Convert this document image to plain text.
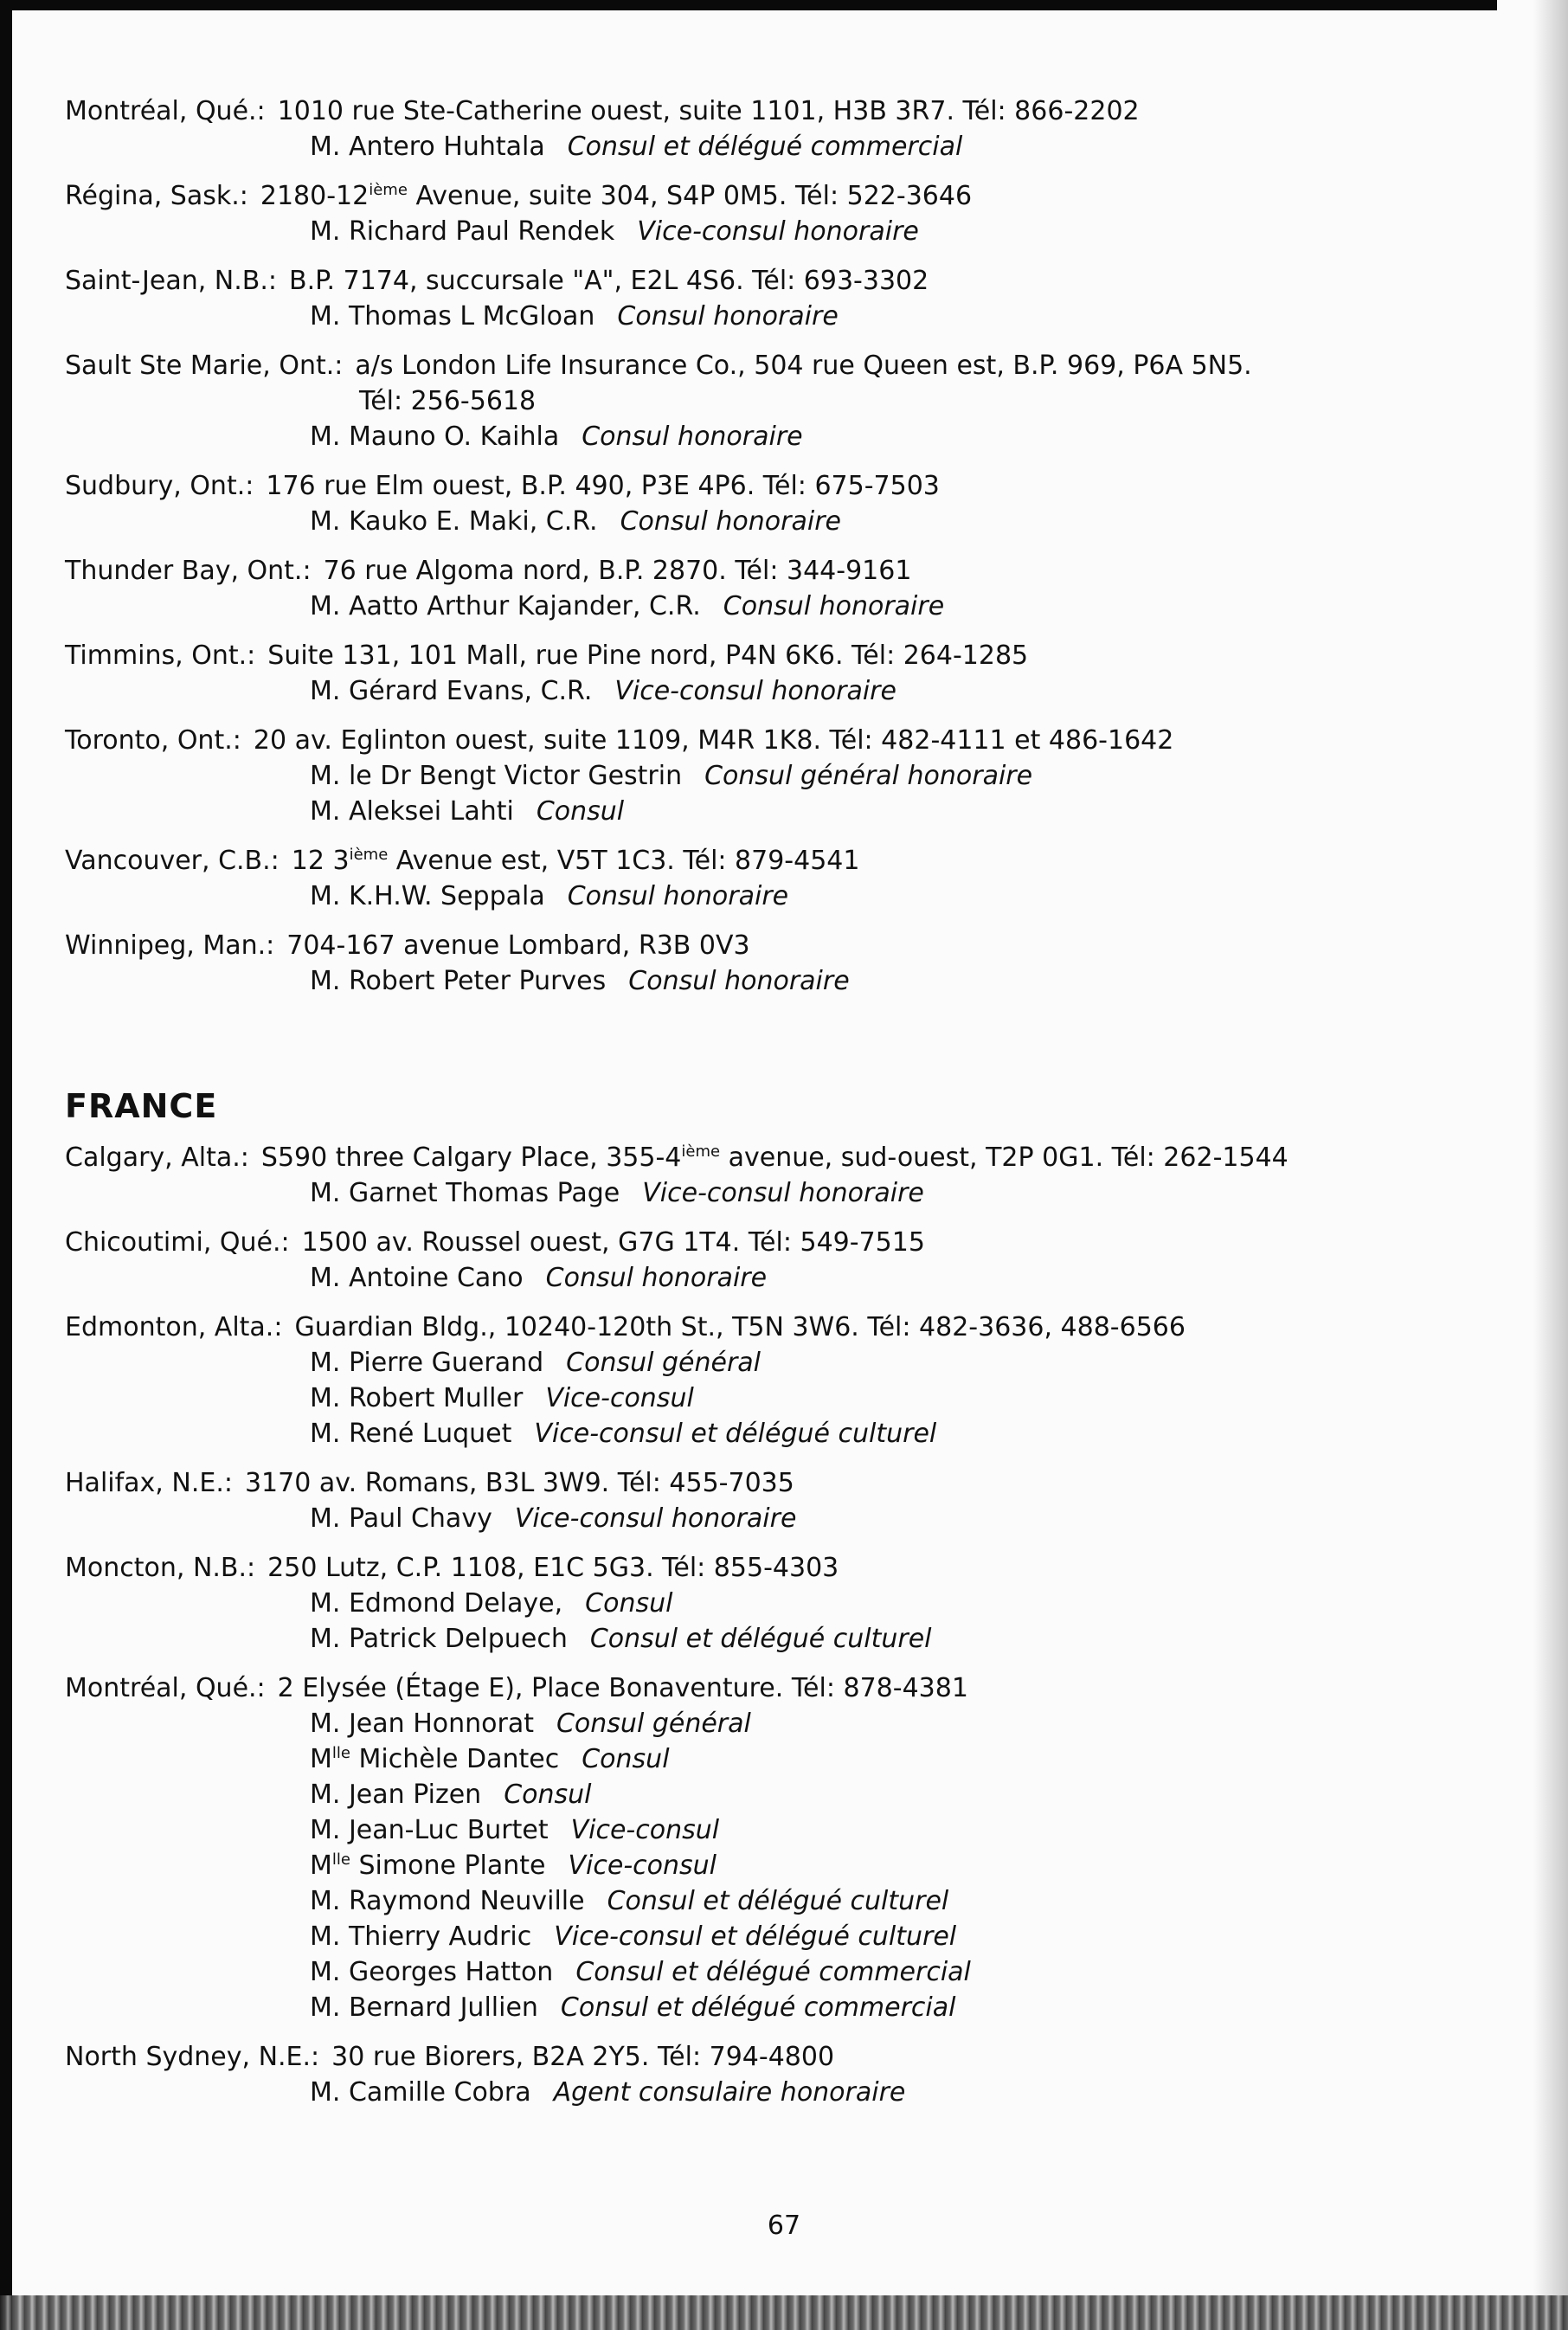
Montréal, Qué.: 1010 rue Ste-Catherine ouest, suite 1101, H3B 3R7. Tél: 866-2202
M. Antero Huhtala Consul et délégué commercial
Régina, Sask.: 2180-12ième Avenue, suite 304, S4P 0M5. Tél: 522-3646
M. Richard Paul Rendek Vice-consul honoraire
Saint-Jean, N.B.: B.P. 7174, succursale "A", E2L 4S6. Tél: 693-3302
M. Thomas L McGloan Consul honoraire
Sault Ste Marie, Ont.: a/s London Life Insurance Co., 504 rue Queen est, B.P. 969, P6A 5N5.
Tél: 256-5618
M. Mauno O. Kaihla Consul honoraire
Sudbury, Ont.: 176 rue Elm ouest, B.P. 490, P3E 4P6. Tél: 675-7503
M. Kauko E. Maki, C.R. Consul honoraire
Thunder Bay, Ont.: 76 rue Algoma nord, B.P. 2870. Tél: 344-9161
M. Aatto Arthur Kajander, C.R. Consul honoraire
Timmins, Ont.: Suite 131, 101 Mall, rue Pine nord, P4N 6K6. Tél: 264-1285
M. Gérard Evans, C.R. Vice-consul honoraire
Toronto, Ont.: 20 av. Eglinton ouest, suite 1109, M4R 1K8. Tél: 482-4111 et 486-1642
M. le Dr Bengt Victor Gestrin Consul général honoraire
M. Aleksei Lahti Consul
Vancouver, C.B.: 12 3ième Avenue est, V5T 1C3. Tél: 879-4541
M. K.H.W. Seppala Consul honoraire
Winnipeg, Man.: 704-167 avenue Lombard, R3B 0V3
M. Robert Peter Purves Consul honoraire
FRANCE
Calgary, Alta.: S590 three Calgary Place, 355-4ième avenue, sud-ouest, T2P 0G1. Tél: 262-1544
M. Garnet Thomas Page Vice-consul honoraire
Chicoutimi, Qué.: 1500 av. Roussel ouest, G7G 1T4. Tél: 549-7515
M. Antoine Cano Consul honoraire
Edmonton, Alta.: Guardian Bldg., 10240-120th St., T5N 3W6. Tél: 482-3636, 488-6566
M. Pierre Guerand Consul général
M. Robert Muller Vice-consul
M. René Luquet Vice-consul et délégué culturel
Halifax, N.E.: 3170 av. Romans, B3L 3W9. Tél: 455-7035
M. Paul Chavy Vice-consul honoraire
Moncton, N.B.: 250 Lutz, C.P. 1108, E1C 5G3. Tél: 855-4303
M. Edmond Delaye, Consul
M. Patrick Delpuech Consul et délégué culturel
Montréal, Qué.: 2 Elysée (Étage E), Place Bonaventure. Tél: 878-4381
M. Jean Honnorat Consul général
$M^{lle}$ Michèle Dantec Consul
M. Jean Pizen Consul
M. Jean-Luc Burtet Vice-consul
$M^{lle}$ Simone Plante Vice-consul
M. Raymond Neuville Consul et délégué culturel
M. Thierry Audric Vice-consul et délégué culturel
M. Georges Hatton Consul et délégué commercial
M. Bernard Jullien Consul et délégué commercial
North Sydney, N.E.: 30 rue Biorers, B2A 2Y5. Tél: 794-4800
M. Camille Cobra Agent consulaire honoraire
67
